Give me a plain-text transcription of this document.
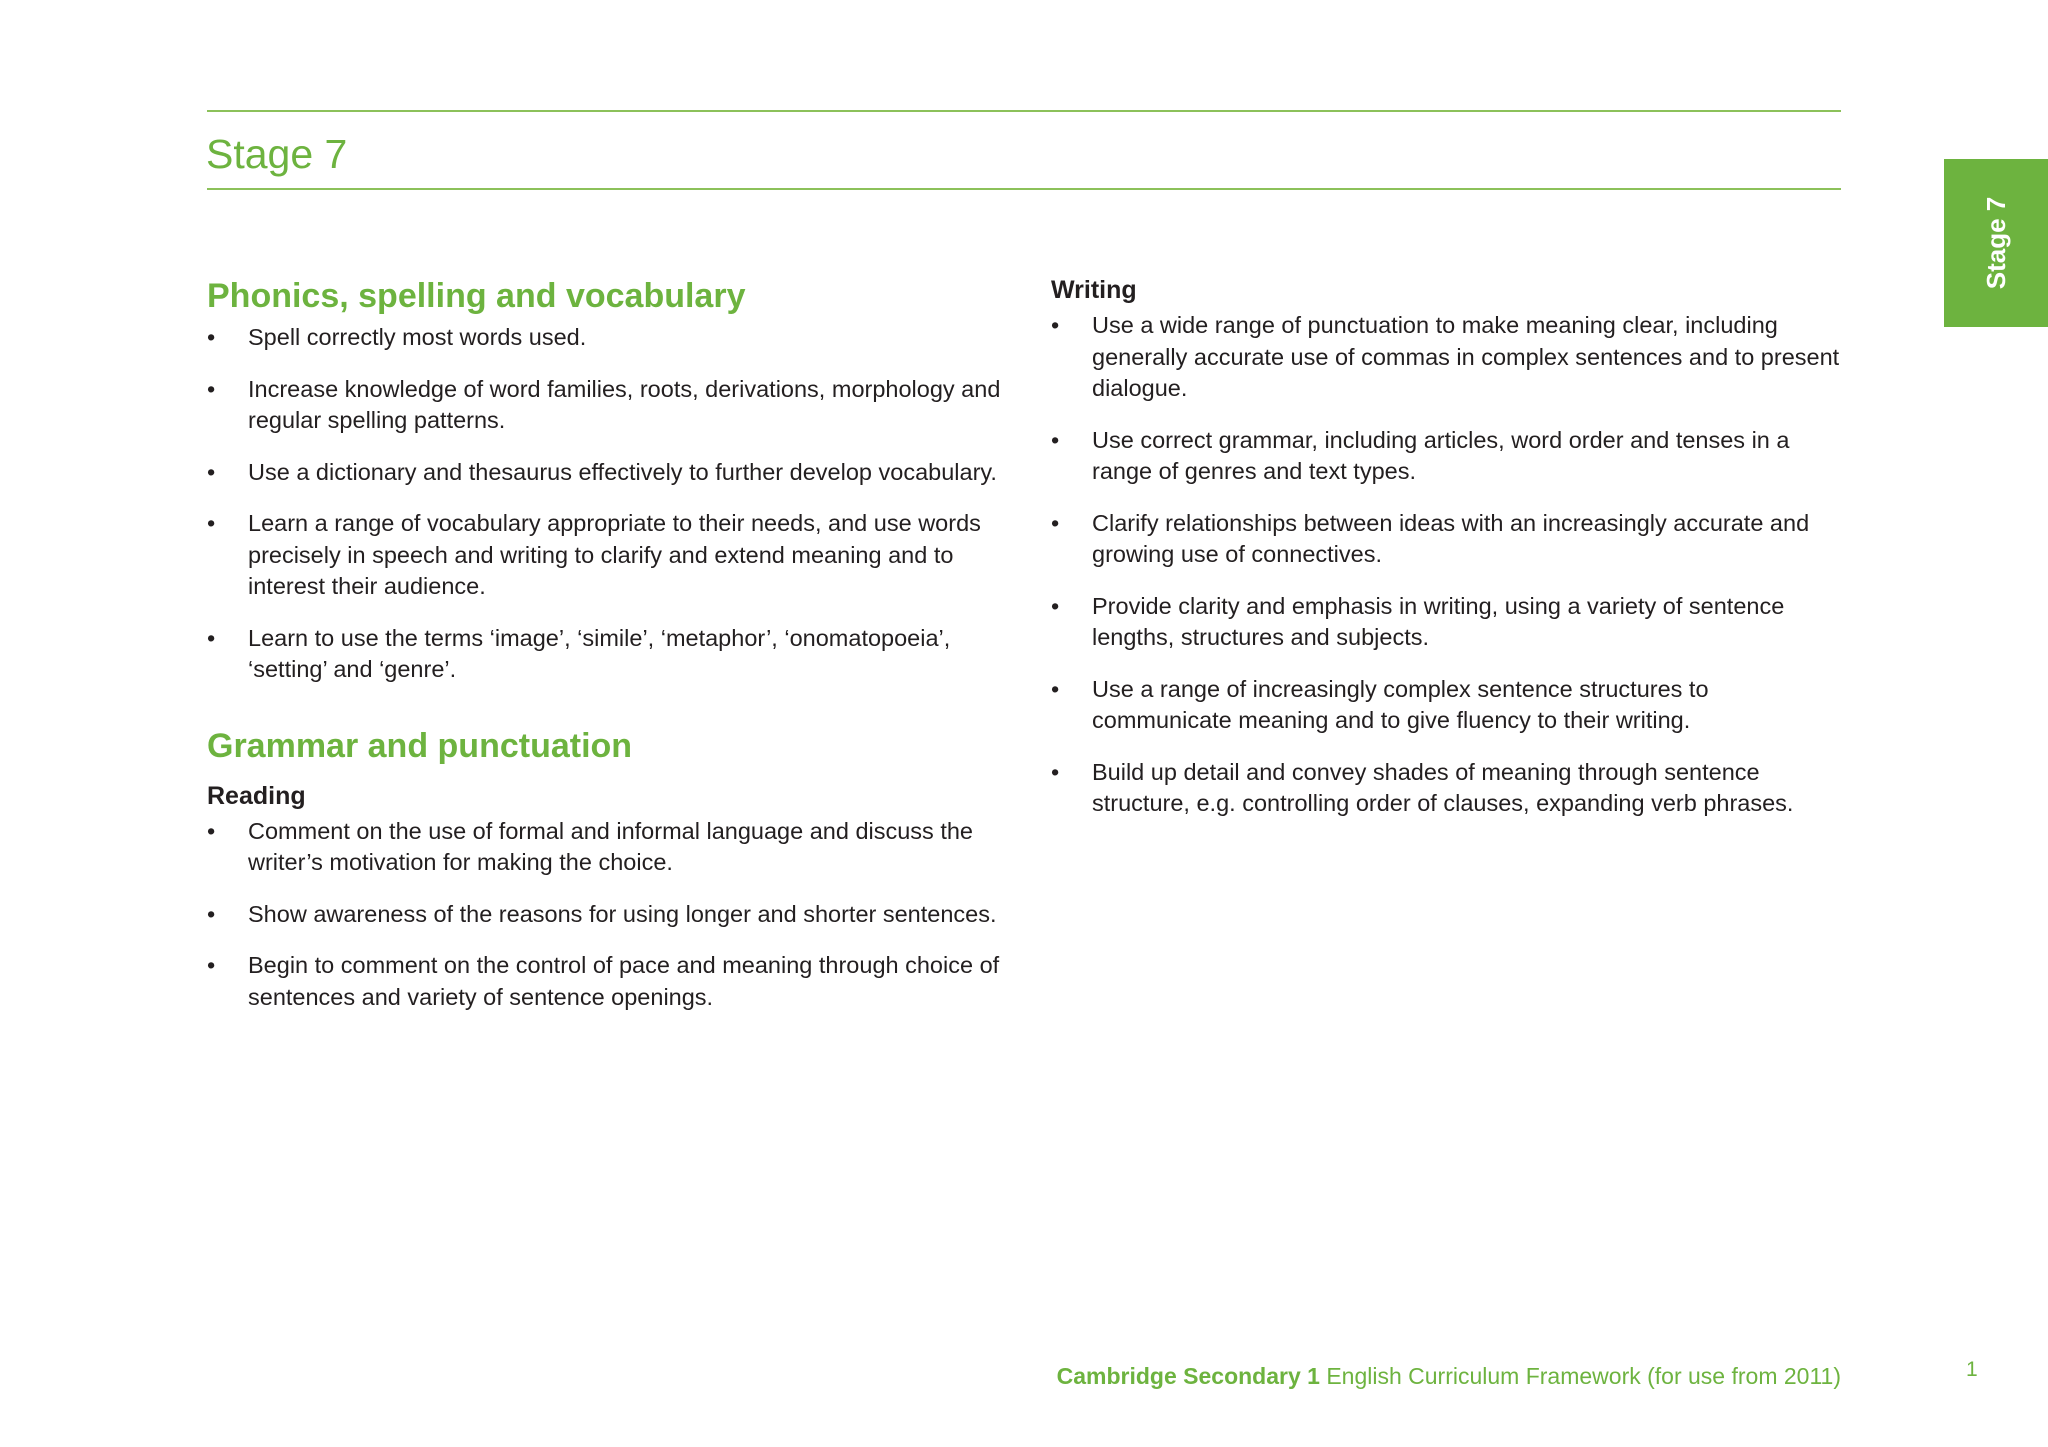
Stage 7
Stage 7
Phonics, spelling and vocabulary
• Spell correctly most words used.
• Increase knowledge of word families, roots, derivations, morphology and regular spelling patterns.
• Use a dictionary and thesaurus effectively to further develop vocabulary.
• Learn a range of vocabulary appropriate to their needs, and use words precisely in speech and writing to clarify and extend meaning and to interest their audience.
• Learn to use the terms ‘image’, ‘simile’, ‘metaphor’, ‘onomatopoeia’, ‘setting’ and ‘genre’.
Grammar and punctuation
Reading
• Comment on the use of formal and informal language and discuss the writer’s motivation for making the choice.
• Show awareness of the reasons for using longer and shorter sentences.
• Begin to comment on the control of pace and meaning through choice of sentences and variety of sentence openings.
Writing
• Use a wide range of punctuation to make meaning clear, including generally accurate use of commas in complex sentences and to present dialogue.
• Use correct grammar, including articles, word order and tenses in a range of genres and text types.
• Clarify relationships between ideas with an increasingly accurate and growing use of connectives.
• Provide clarity and emphasis in writing, using a variety of sentence lengths, structures and subjects.
• Use a range of increasingly complex sentence structures to communicate meaning and to give fluency to their writing.
• Build up detail and convey shades of meaning through sentence structure, e.g. controlling order of clauses, expanding verb phrases.
Cambridge Secondary 1 English Curriculum Framework (for use from 2011)	1
